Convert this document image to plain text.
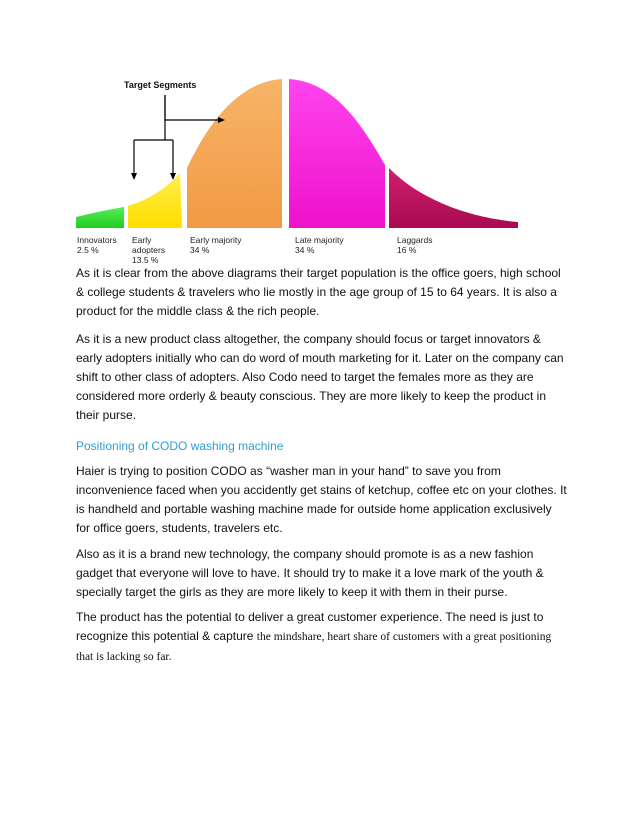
Target Segments
Innovators
2.5 %
Early
adopters
13.5 %
Early majority
34 %
Late majority
34 %
Laggards
16 %

As it is clear from the above diagrams their target population is the office goers, high school & college students & travelers who lie mostly in the age group of 15 to 64 years. It is also a product for the middle class & the rich people.

As it is a new product class altogether, the company should focus or target innovators & early adopters initially who can do word of mouth marketing for it. Later on the company can shift to other class of adopters. Also Codo need to target the females more as they are considered more orderly & beauty conscious. They are more likely to keep the product in their purse.

Positioning of CODO washing machine

Haier is trying to position CODO as “washer man in your hand” to save you from inconvenience faced when you accidently get stains of ketchup, coffee etc on your clothes. It is handheld and portable washing machine made for outside home application exclusively for office goers, students, travelers etc.

Also as it is a brand new technology, the company should promote is as a new fashion gadget that everyone will love to have. It should try to make it a love mark of the youth & specially target the girls as they are more likely to keep it with them in their purse.

The product has the potential to deliver a great customer experience. The need is just to recognize this potential & capture the mindshare, heart share of customers with a great positioning that is lacking so far.
